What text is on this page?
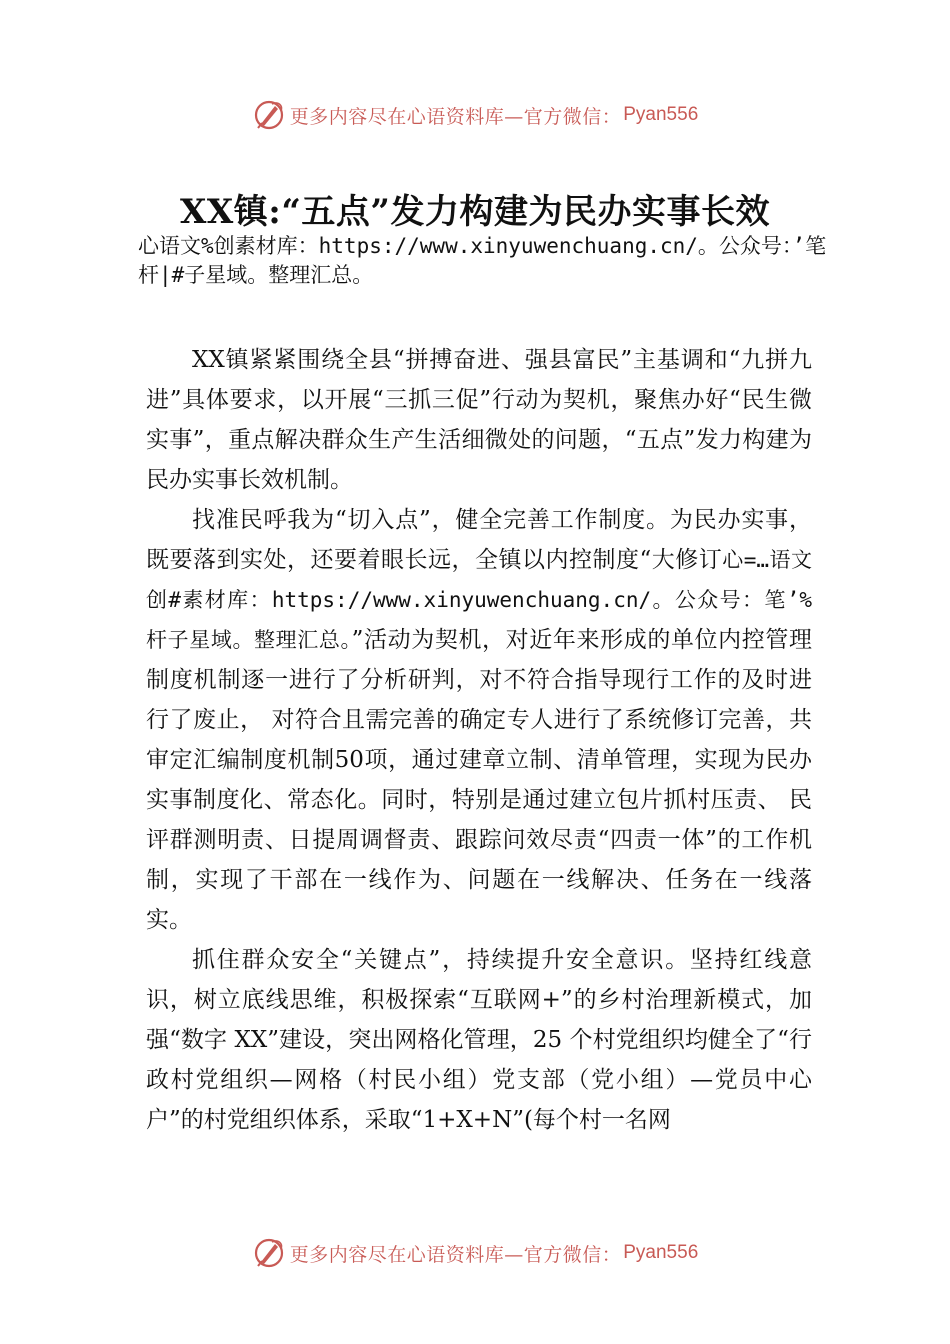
更多内容尽在心语资料库—官方微信： Pyan556
XX镇:“五点”发力构建为民办实事长效
心语文%创素材库：https://www.xinyuwenchuang.cn/。公众号：’笔杆|#子星域。整理汇总。

XX镇紧紧围绕全县“拼搏奋进、强县富民”主基调和“九拼九进”具体要求，以开展“三抓三促”行动为契机，聚焦办好“民生微实事”，重点解决群众生产生活细微处的问题，“五点”发力构建为民办实事长效机制。

找准民呼我为“切入点”，健全完善工作制度。为民办实事，既要落到实处，还要着眼长远，全镇以内控制度“大修订心=…语文创#素材库：https://www.xinyuwenchuang.cn/。公众号：笔’%杆子星域。整理汇总。”活动为契机，对近年来形成的单位内控管理制度机制逐一进行了分析研判，对不符合指导现行工作的及时进行了废止， 对符合且需完善的确定专人进行了系统修订完善，共审定汇编制度机制50项，通过建章立制、清单管理，实现为民办实事制度化、常态化。同时，特别是通过建立包片抓村压责、 民评群测明责、日提周调督责、跟踪问效尽责“四责一体”的工作机制，实现了干部在一线作为、问题在一线解决、任务在一线落实。

抓住群众安全“关键点”，持续提升安全意识。坚持红线意识，树立底线思维，积极探索“互联网+”的乡村治理新模式，加强“数字 XX”建设，突出网格化管理，25 个村党组织均健全了“行政村党组织—网格（村民小组）党支部（党小组）—党员中心户”的村党组织体系，采取“1+X+N”(每个村一名网

更多内容尽在心语资料库—官方微信： Pyan556
